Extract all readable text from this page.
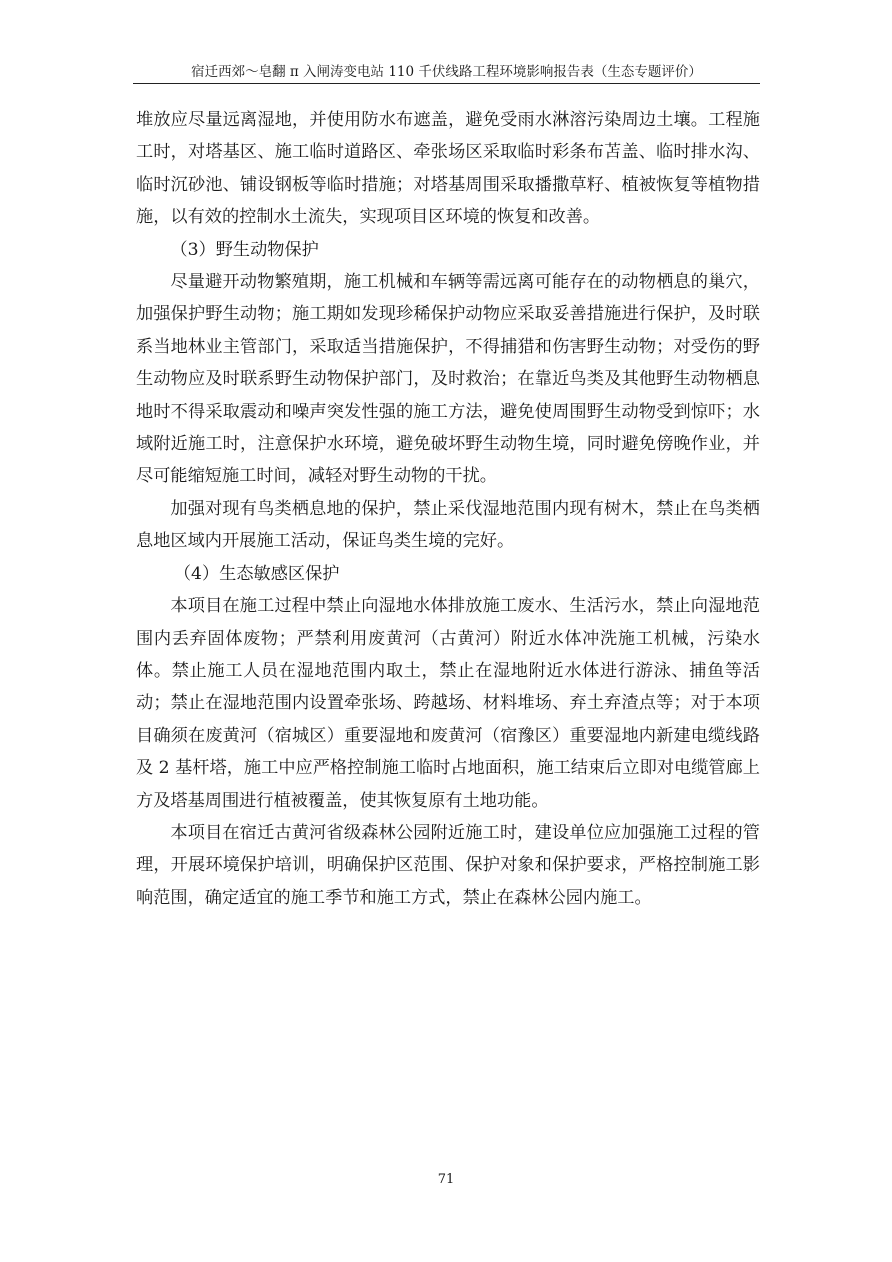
宿迁西郊～皂翻 π 入闸涛变电站 110 千伏线路工程环境影响报告表（生态专题评价）

堆放应尽量远离湿地，并使用防水布遮盖，避免受雨水淋溶污染周边土壤。工程施工时，对塔基区、施工临时道路区、牵张场区采取临时彩条布苫盖、临时排水沟、临时沉砂池、铺设钢板等临时措施；对塔基周围采取播撒草籽、植被恢复等植物措施，以有效的控制水土流失，实现项目区环境的恢复和改善。

（3）野生动物保护

尽量避开动物繁殖期，施工机械和车辆等需远离可能存在的动物栖息的巢穴，加强保护野生动物；施工期如发现珍稀保护动物应采取妥善措施进行保护，及时联系当地林业主管部门，采取适当措施保护，不得捕猎和伤害野生动物；对受伤的野生动物应及时联系野生动物保护部门，及时救治；在靠近鸟类及其他野生动物栖息地时不得采取震动和噪声突发性强的施工方法，避免使周围野生动物受到惊吓；水域附近施工时，注意保护水环境，避免破坏野生动物生境，同时避免傍晚作业，并尽可能缩短施工时间，减轻对野生动物的干扰。

加强对现有鸟类栖息地的保护，禁止采伐湿地范围内现有树木，禁止在鸟类栖息地区域内开展施工活动，保证鸟类生境的完好。

（4）生态敏感区保护

本项目在施工过程中禁止向湿地水体排放施工废水、生活污水，禁止向湿地范围内丢弃固体废物；严禁利用废黄河（古黄河）附近水体冲洗施工机械，污染水体。禁止施工人员在湿地范围内取土，禁止在湿地附近水体进行游泳、捕鱼等活动；禁止在湿地范围内设置牵张场、跨越场、材料堆场、弃土弃渣点等；对于本项目确须在废黄河（宿城区）重要湿地和废黄河（宿豫区）重要湿地内新建电缆线路及 2 基杆塔，施工中应严格控制施工临时占地面积，施工结束后立即对电缆管廊上方及塔基周围进行植被覆盖，使其恢复原有土地功能。

本项目在宿迁古黄河省级森林公园附近施工时，建设单位应加强施工过程的管理，开展环境保护培训，明确保护区范围、保护对象和保护要求，严格控制施工影响范围，确定适宜的施工季节和施工方式，禁止在森林公园内施工。

71
